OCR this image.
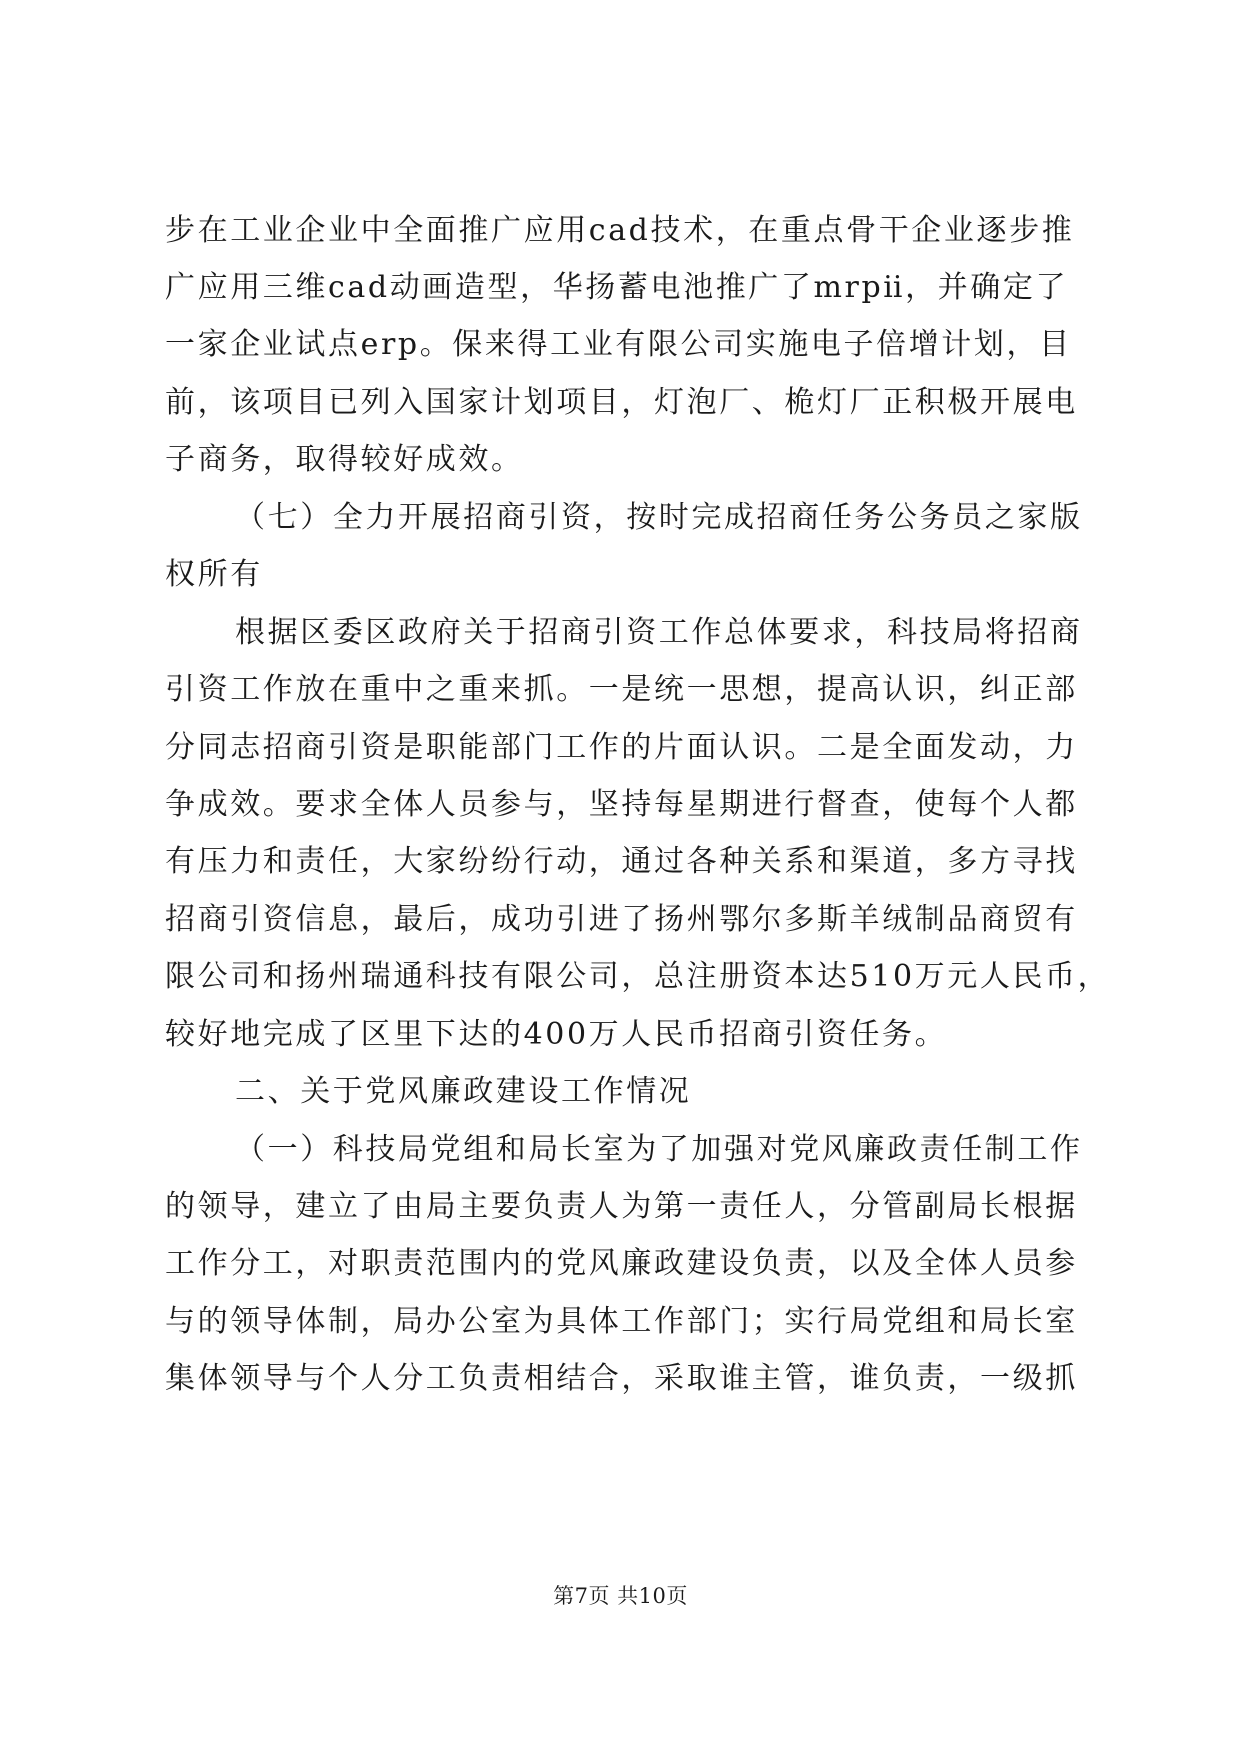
步在工业企业中全面推广应用cad技术，在重点骨干企业逐步推
广应用三维cad动画造型，华扬蓄电池推广了mrpⅱ，并确定了
一家企业试点erp。保来得工业有限公司实施电子倍增计划，目
前，该项目已列入国家计划项目，灯泡厂、桅灯厂正积极开展电
子商务，取得较好成效。
（七）全力开展招商引资，按时完成招商任务公务员之家版
权所有
根据区委区政府关于招商引资工作总体要求，科技局将招商
引资工作放在重中之重来抓。一是统一思想，提高认识，纠正部
分同志招商引资是职能部门工作的片面认识。二是全面发动，力
争成效。要求全体人员参与，坚持每星期进行督查，使每个人都
有压力和责任，大家纷纷行动，通过各种关系和渠道，多方寻找
招商引资信息，最后，成功引进了扬州鄂尔多斯羊绒制品商贸有
限公司和扬州瑞通科技有限公司，总注册资本达510万元人民币，
较好地完成了区里下达的400万人民币招商引资任务。
二、关于党风廉政建设工作情况
（一）科技局党组和局长室为了加强对党风廉政责任制工作
的领导，建立了由局主要负责人为第一责任人，分管副局长根据
工作分工，对职责范围内的党风廉政建设负责，以及全体人员参
与的领导体制，局办公室为具体工作部门；实行局党组和局长室
集体领导与个人分工负责相结合，采取谁主管，谁负责，一级抓
第7页 共10页
